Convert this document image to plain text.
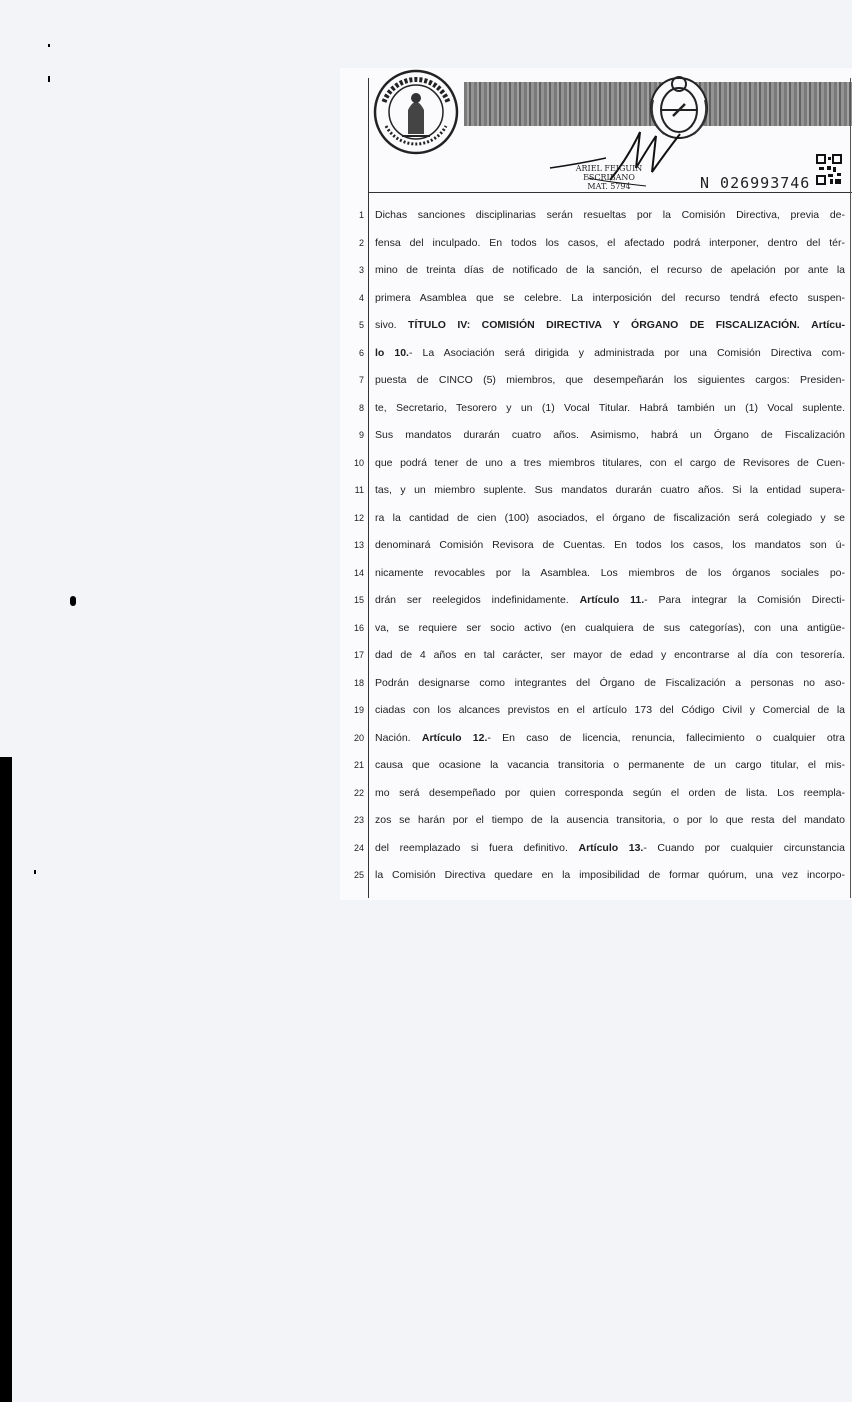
ARIEL FEIGUIN
ESCRIBANO
MAT. 5794	N 026993746
1
2
3
4
5
6
7
8
9
10
11
12
13
14
15
16
17
18
19
20
21
22
23
24
25
Dichas sanciones disciplinarias serán resueltas por la Comisión Directiva, previa de-
fensa del inculpado. En todos los casos, el afectado podrá interponer, dentro del tér-
mino de treinta días de notificado de la sanción, el recurso de apelación por ante la
primera Asamblea que se celebre. La interposición del recurso tendrá efecto suspen-
sivo. TÍTULO IV: COMISIÓN DIRECTIVA Y ÓRGANO DE FISCALIZACIÓN. Artícu-
lo 10.- La Asociación será dirigida y administrada por una Comisión Directiva com-
puesta de CINCO (5) miembros, que desempeñarán los siguientes cargos: Presiden-
te, Secretario, Tesorero y un (1) Vocal Titular. Habrá también un (1) Vocal suplente.
Sus mandatos durarán cuatro años. Asimismo, habrá un Órgano de Fiscalización
que podrá tener de uno a tres miembros titulares, con el cargo de Revisores de Cuen-
tas, y un miembro suplente. Sus mandatos durarán cuatro años. Si la entidad supera-
ra la cantidad de cien (100) asociados, el órgano de fiscalización será colegiado y se
denominará Comisión Revisora de Cuentas. En todos los casos, los mandatos son ú-
nicamente revocables por la Asamblea. Los miembros de los órganos sociales po-
drán ser reelegidos indefinidamente. Artículo 11.- Para integrar la Comisión Directi-
va, se requiere ser socio activo (en cualquiera de sus categorías), con una antigüe-
dad de 4 años en tal carácter, ser mayor de edad y encontrarse al día con tesorería.
Podrán designarse como integrantes del Órgano de Fiscalización a personas no aso-
ciadas con los alcances previstos en el artículo 173 del Código Civil y Comercial de la
Nación. Artículo 12.- En caso de licencia, renuncia, fallecimiento o cualquier otra
causa que ocasione la vacancia transitoria o permanente de un cargo titular, el mis-
mo será desempeñado por quien corresponda según el orden de lista. Los reempla-
zos se harán por el tiempo de la ausencia transitoria, o por lo que resta del mandato
del reemplazado si fuera definitivo. Artículo 13.- Cuando por cualquier circunstancia
la Comisión Directiva quedare en la imposibilidad de formar quórum, una vez incorpo-
